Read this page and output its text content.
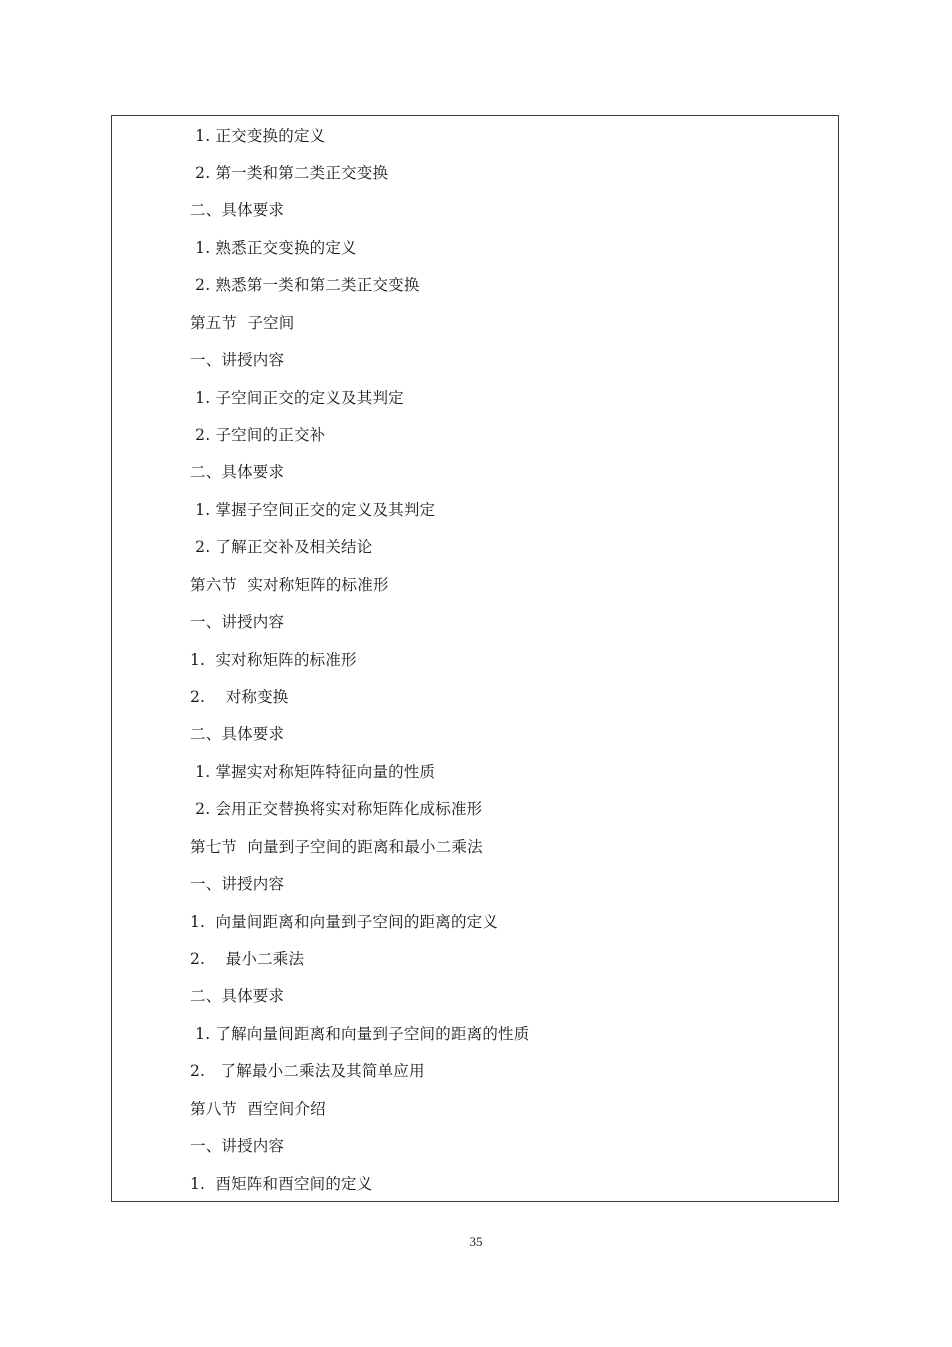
1. 正交变换的定义
2. 第一类和第二类正交变换
二、具体要求
1. 熟悉正交变换的定义
2. 熟悉第一类和第二类正交变换
第五节  子空间
一、讲授内容
1. 子空间正交的定义及其判定
2. 子空间的正交补
二、具体要求
1. 掌握子空间正交的定义及其判定
2. 了解正交补及相关结论
第六节  实对称矩阵的标准形
一、讲授内容
1.  实对称矩阵的标准形
2.    对称变换
二、具体要求
1. 掌握实对称矩阵特征向量的性质
2. 会用正交替换将实对称矩阵化成标准形
第七节  向量到子空间的距离和最小二乘法
一、讲授内容
1.  向量间距离和向量到子空间的距离的定义
2.    最小二乘法
二、具体要求
1. 了解向量间距离和向量到子空间的距离的性质
2.   了解最小二乘法及其简单应用
第八节  酉空间介绍
一、讲授内容
1.  酉矩阵和酉空间的定义
35
